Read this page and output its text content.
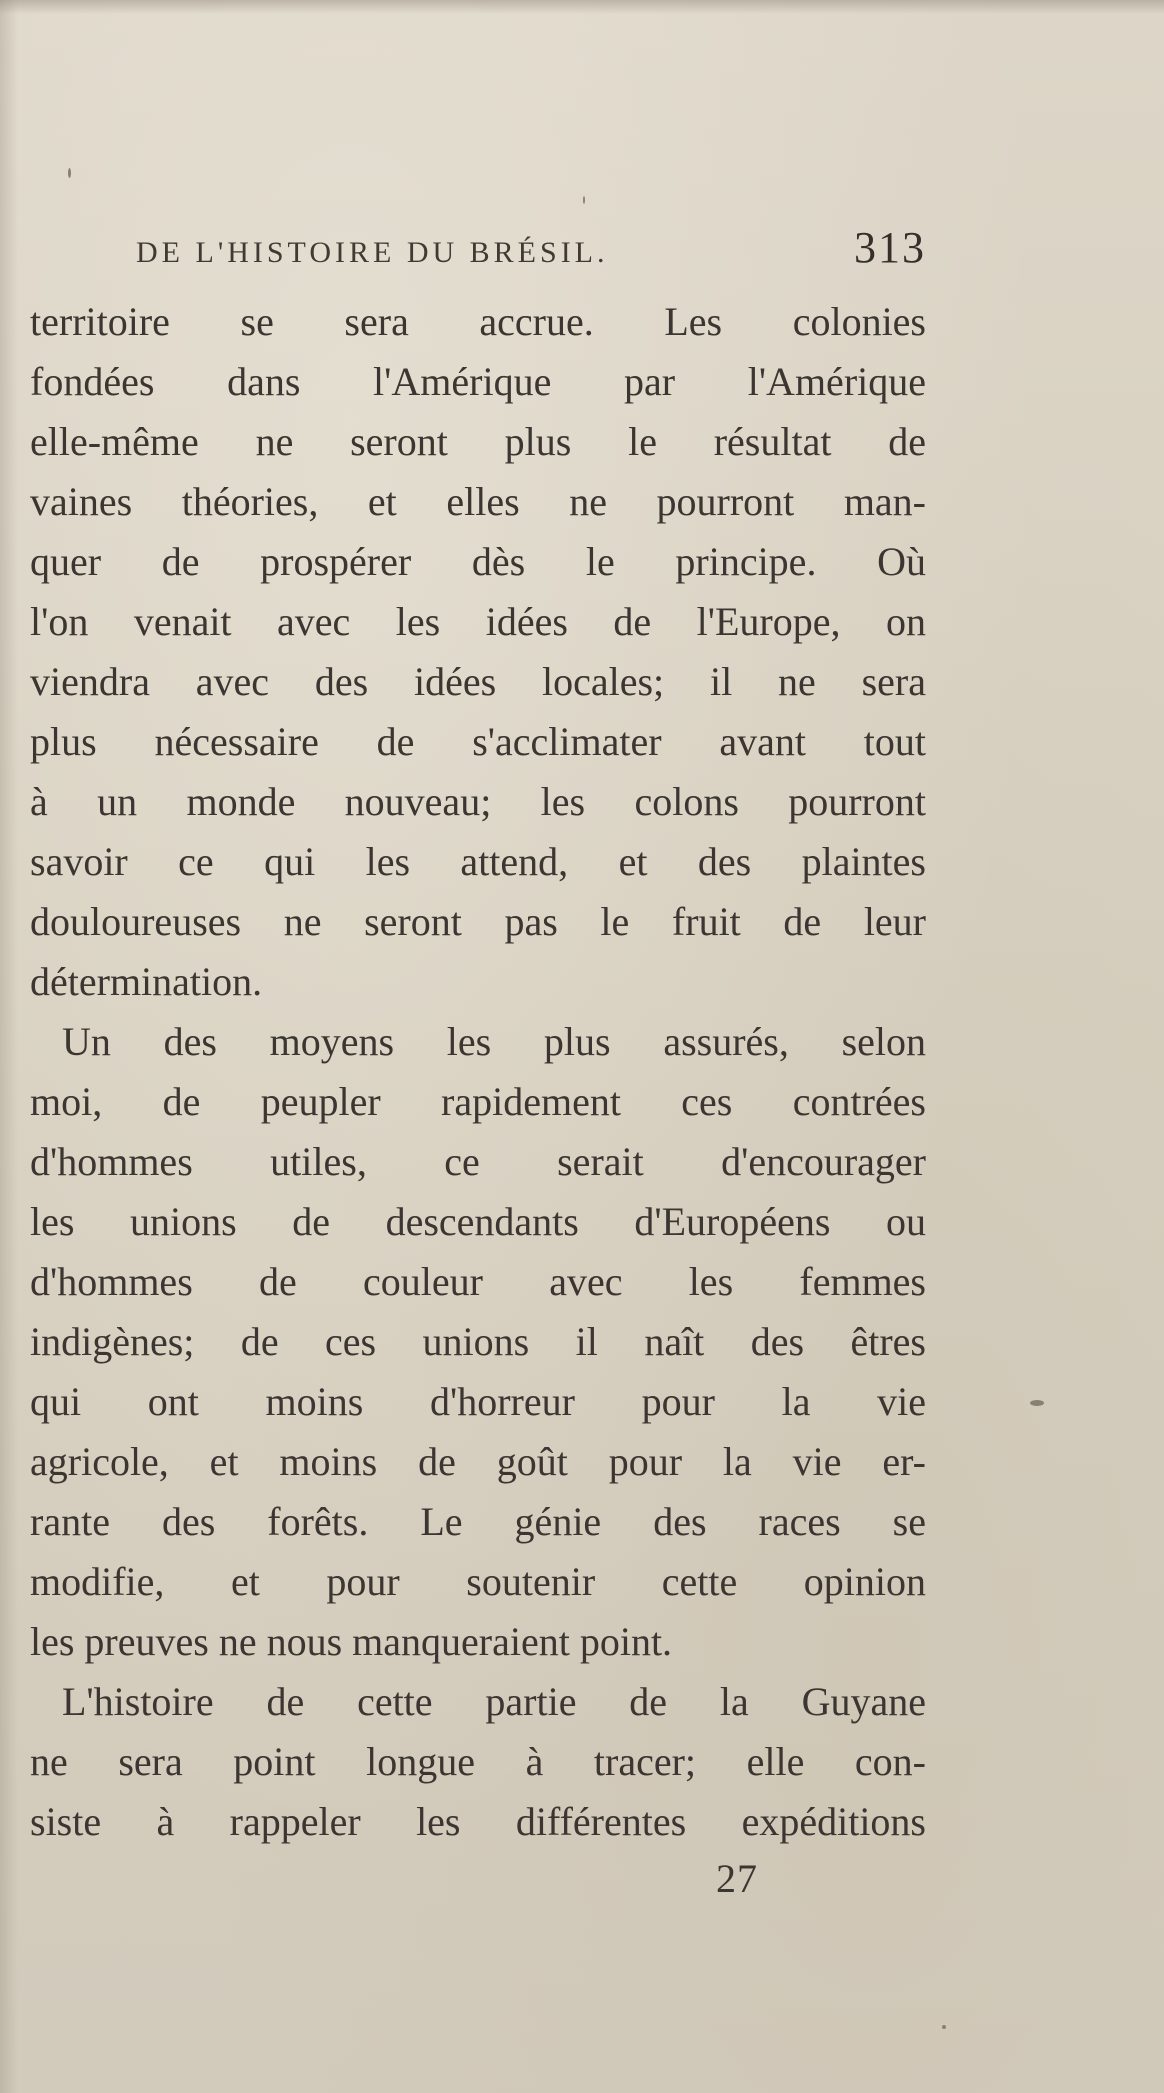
DE L'HISTOIRE DU BRÉSIL.	313
territoire se sera accrue. Les colonies
fondées dans l'Amérique par l'Amérique
elle-même ne seront plus le résultat de
vaines théories, et elles ne pourront man-
quer de prospérer dès le principe. Où
l'on venait avec les idées de l'Europe, on
viendra avec des idées locales; il ne sera
plus nécessaire de s'acclimater avant tout
à un monde nouveau; les colons pourront
savoir ce qui les attend, et des plaintes
douloureuses ne seront pas le fruit de leur
détermination.
Un des moyens les plus assurés, selon
moi, de peupler rapidement ces contrées
d'hommes utiles, ce serait d'encourager
les unions de descendants d'Européens ou
d'hommes de couleur avec les femmes
indigènes; de ces unions il naît des êtres
qui ont moins d'horreur pour la vie
agricole, et moins de goût pour la vie er-
rante des forêts. Le génie des races se
modifie, et pour soutenir cette opinion
les preuves ne nous manqueraient point.
L'histoire de cette partie de la Guyane
ne sera point longue à tracer; elle con-
siste à rappeler les différentes expéditions
27
